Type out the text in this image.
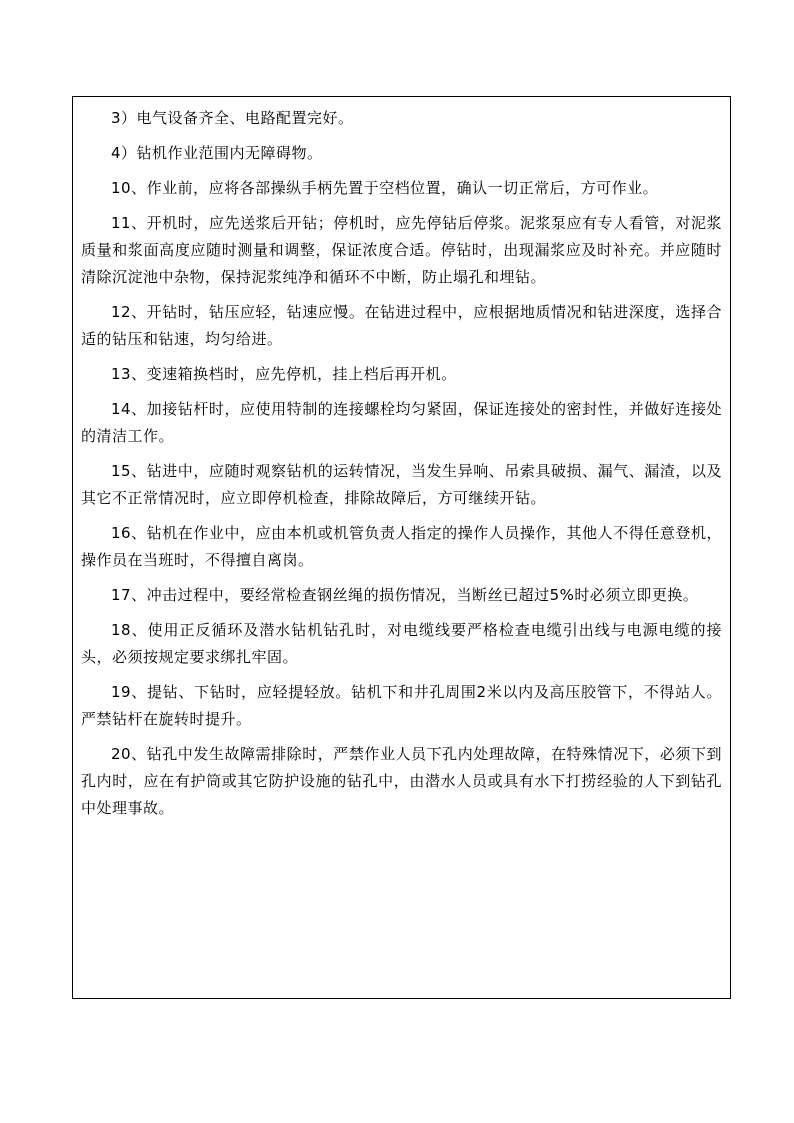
3）电气设备齐全、电路配置完好。

4）钻机作业范围内无障碍物。

10、作业前，应将各部操纵手柄先置于空档位置，确认一切正常后，方可作业。

11、开机时，应先送浆后开钻；停机时，应先停钻后停浆。泥浆泵应有专人看管，对泥浆质量和浆面高度应随时测量和调整，保证浓度合适。停钻时，出现漏浆应及时补充。并应随时清除沉淀池中杂物，保持泥浆纯净和循环不中断，防止塌孔和埋钻。

12、开钻时，钻压应轻，钻速应慢。在钻进过程中，应根据地质情况和钻进深度，选择合适的钻压和钻速，均匀给进。

13、变速箱换档时，应先停机，挂上档后再开机。

14、加接钻杆时，应使用特制的连接螺栓均匀紧固，保证连接处的密封性，并做好连接处的清洁工作。

15、钻进中，应随时观察钻机的运转情况，当发生异响、吊索具破损、漏气、漏渣，以及其它不正常情况时，应立即停机检查，排除故障后，方可继续开钻。

16、钻机在作业中，应由本机或机管负责人指定的操作人员操作，其他人不得任意登机，操作员在当班时，不得擅自离岗。

17、冲击过程中，要经常检查钢丝绳的损伤情况，当断丝已超过5%时必须立即更换。

18、使用正反循环及潜水钻机钻孔时，对电缆线要严格检查电缆引出线与电源电缆的接头，必须按规定要求绑扎牢固。

19、提钻、下钻时，应轻提轻放。钻机下和井孔周围2米以内及高压胶管下，不得站人。严禁钻杆在旋转时提升。

20、钻孔中发生故障需排除时，严禁作业人员下孔内处理故障，在特殊情况下，必须下到孔内时，应在有护筒或其它防护设施的钻孔中，由潜水人员或具有水下打捞经验的人下到钻孔中处理事故。
